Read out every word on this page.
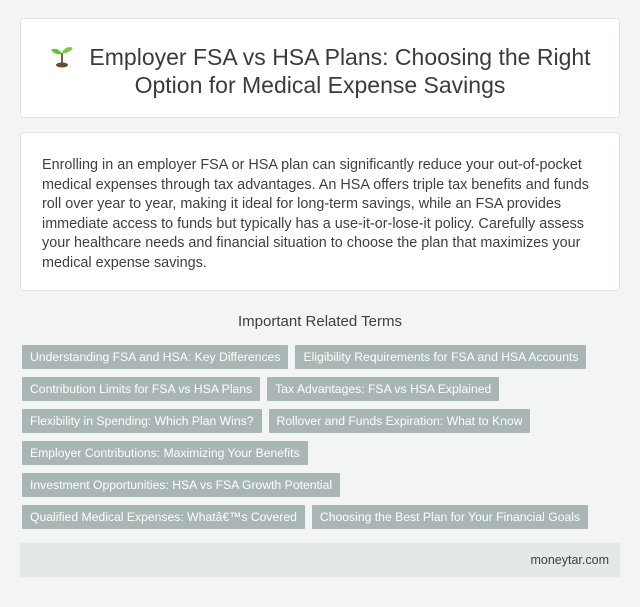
Employer FSA vs HSA Plans: Choosing the Right Option for Medical Expense Savings

Enrolling in an employer FSA or HSA plan can significantly reduce your out-of-pocket medical expenses through tax advantages. An HSA offers triple tax benefits and funds roll over year to year, making it ideal for long-term savings, while an FSA provides immediate access to funds but typically has a use-it-or-lose-it policy. Carefully assess your healthcare needs and financial situation to choose the plan that maximizes your medical expense savings.

Important Related Terms
Understanding FSA and HSA: Key Differences	Eligibility Requirements for FSA and HSA Accounts
Contribution Limits for FSA vs HSA Plans	Tax Advantages: FSA vs HSA Explained
Flexibility in Spending: Which Plan Wins?	Rollover and Funds Expiration: What to Know
Employer Contributions: Maximizing Your Benefits
Investment Opportunities: HSA vs FSA Growth Potential
Qualified Medical Expenses: Whatâ€™s Covered	Choosing the Best Plan for Your Financial Goals
moneytar.com
